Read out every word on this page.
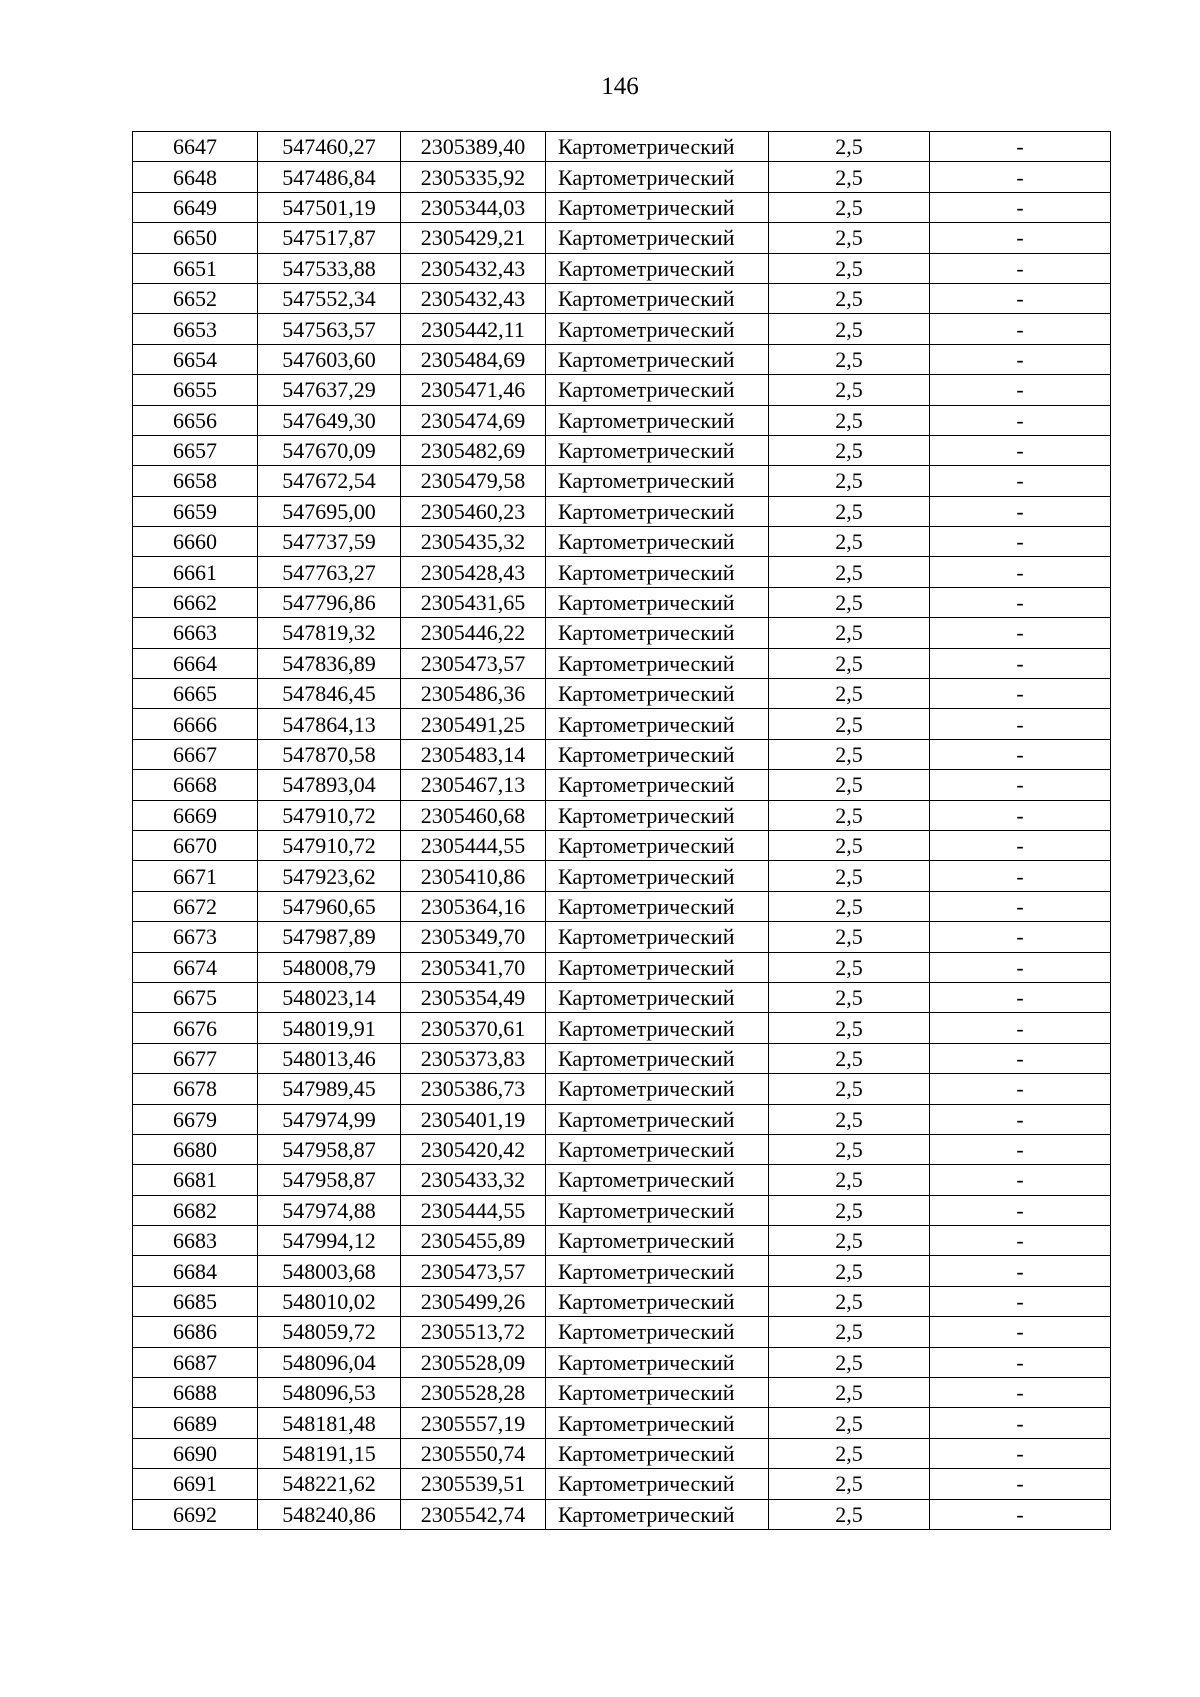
146
6647	547460,27	2305389,40	Картометрический	2,5	-
6648	547486,84	2305335,92	Картометрический	2,5	-
6649	547501,19	2305344,03	Картометрический	2,5	-
6650	547517,87	2305429,21	Картометрический	2,5	-
6651	547533,88	2305432,43	Картометрический	2,5	-
6652	547552,34	2305432,43	Картометрический	2,5	-
6653	547563,57	2305442,11	Картометрический	2,5	-
6654	547603,60	2305484,69	Картометрический	2,5	-
6655	547637,29	2305471,46	Картометрический	2,5	-
6656	547649,30	2305474,69	Картометрический	2,5	-
6657	547670,09	2305482,69	Картометрический	2,5	-
6658	547672,54	2305479,58	Картометрический	2,5	-
6659	547695,00	2305460,23	Картометрический	2,5	-
6660	547737,59	2305435,32	Картометрический	2,5	-
6661	547763,27	2305428,43	Картометрический	2,5	-
6662	547796,86	2305431,65	Картометрический	2,5	-
6663	547819,32	2305446,22	Картометрический	2,5	-
6664	547836,89	2305473,57	Картометрический	2,5	-
6665	547846,45	2305486,36	Картометрический	2,5	-
6666	547864,13	2305491,25	Картометрический	2,5	-
6667	547870,58	2305483,14	Картометрический	2,5	-
6668	547893,04	2305467,13	Картометрический	2,5	-
6669	547910,72	2305460,68	Картометрический	2,5	-
6670	547910,72	2305444,55	Картометрический	2,5	-
6671	547923,62	2305410,86	Картометрический	2,5	-
6672	547960,65	2305364,16	Картометрический	2,5	-
6673	547987,89	2305349,70	Картометрический	2,5	-
6674	548008,79	2305341,70	Картометрический	2,5	-
6675	548023,14	2305354,49	Картометрический	2,5	-
6676	548019,91	2305370,61	Картометрический	2,5	-
6677	548013,46	2305373,83	Картометрический	2,5	-
6678	547989,45	2305386,73	Картометрический	2,5	-
6679	547974,99	2305401,19	Картометрический	2,5	-
6680	547958,87	2305420,42	Картометрический	2,5	-
6681	547958,87	2305433,32	Картометрический	2,5	-
6682	547974,88	2305444,55	Картометрический	2,5	-
6683	547994,12	2305455,89	Картометрический	2,5	-
6684	548003,68	2305473,57	Картометрический	2,5	-
6685	548010,02	2305499,26	Картометрический	2,5	-
6686	548059,72	2305513,72	Картометрический	2,5	-
6687	548096,04	2305528,09	Картометрический	2,5	-
6688	548096,53	2305528,28	Картометрический	2,5	-
6689	548181,48	2305557,19	Картометрический	2,5	-
6690	548191,15	2305550,74	Картометрический	2,5	-
6691	548221,62	2305539,51	Картометрический	2,5	-
6692	548240,86	2305542,74	Картометрический	2,5	-
